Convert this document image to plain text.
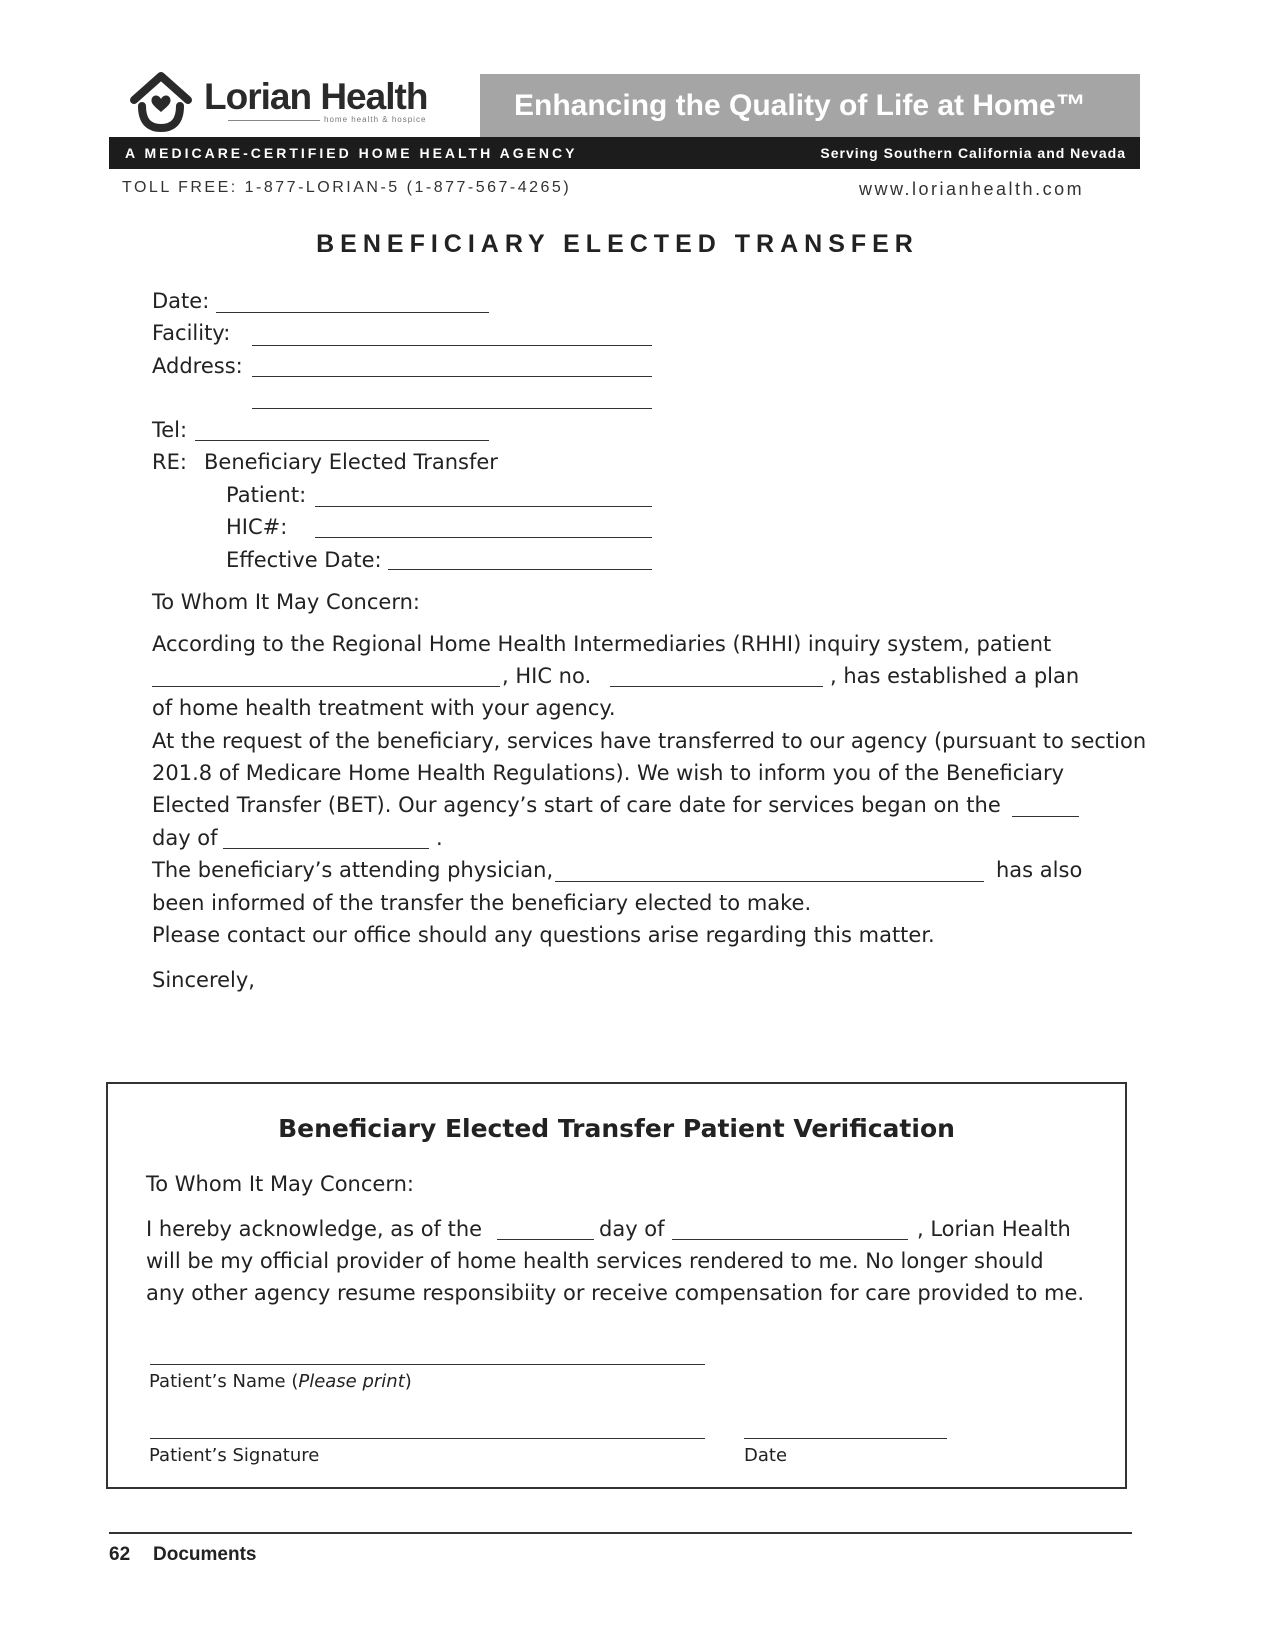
Lorian Health
home health & hospice	Enhancing the Quality of Life at Home™
A MEDICARE-CERTIFIED HOME HEALTH AGENCY	Serving Southern California and Nevada
TOLL FREE: 1-877-LORIAN-5 (1-877-567-4265)	www.lorianhealth.com
BENEFICIARY ELECTED TRANSFER
Date:
Facility:
Address:
Tel:
RE: Beneficiary Elected Transfer
Patient:
HIC#:
Effective Date:
To Whom It May Concern:
According to the Regional Home Health Intermediaries (RHHI) inquiry system, patient
, HIC no.	, has established a plan
of home health treatment with your agency.
At the request of the beneficiary, services have transferred to our agency (pursuant to section
201.8 of Medicare Home Health Regulations). We wish to inform you of the Beneficiary
Elected Transfer (BET). Our agency’s start of care date for services began on the
day of	.
The beneficiary’s attending physician,	has also
been informed of the transfer the beneficiary elected to make.
Please contact our office should any questions arise regarding this matter.
Sincerely,
Beneficiary Elected Transfer Patient Verification
To Whom It May Concern:
I hereby acknowledge, as of the	day of	, Lorian Health
will be my official provider of home health services rendered to me. No longer should
any other agency resume responsibiity or receive compensation for care provided to me.
Patient’s Name (Please print)
Patient’s Signature	Date
62 Documents
